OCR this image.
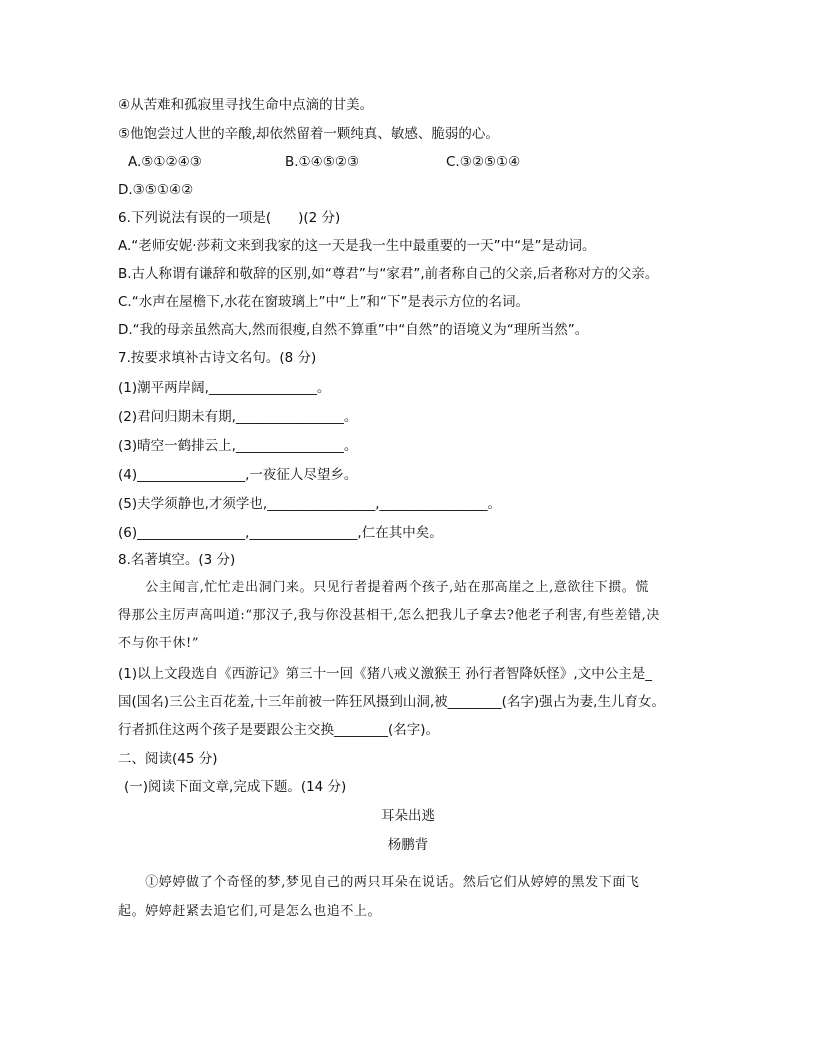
④从苦难和孤寂里寻找生命中点滴的甘美。
⑤他饱尝过人世的辛酸,却依然留着一颗纯真、敏感、脆弱的心。
A.⑤①②④③	B.①④⑤②③	C.③②⑤①④
D.③⑤①④②
6.下列说法有误的一项是(　　)(2 分)
A.“老师安妮·莎莉文来到我家的这一天是我一生中最重要的一天”中“是”是动词。
B.古人称谓有谦辞和敬辞的区别,如“尊君”与“家君”,前者称自己的父亲,后者称对方的父亲。
C.“水声在屋檐下,水花在窗玻璃上”中“上”和“下”是表示方位的名词。
D.“我的母亲虽然高大,然而很瘦,自然不算重”中“自然”的语境义为“理所当然”。
7.按要求填补古诗文名句。(8 分)
(1)潮平两岸阔,________________。
(2)君问归期未有期,________________。
(3)晴空一鹤排云上,________________。
(4)________________,一夜征人尽望乡。
(5)夫学须静也,才须学也,________________,________________。
(6)________________,________________,仁在其中矣。
8.名著填空。(3 分)
　　公主闻言,忙忙走出洞门来。只见行者提着两个孩子,站在那高崖之上,意欲往下掼。慌
得那公主厉声高叫道:“那汉子,我与你没甚相干,怎么把我儿子拿去?他老子利害,有些差错,决
不与你干休!”
(1)以上文段选自《西游记》第三十一回《猪八戒义激猴王 孙行者智降妖怪》,文中公主是_
国(国名)三公主百花羞,十三年前被一阵狂风摄到山洞,被________(名字)强占为妻,生儿育女。
行者抓住这两个孩子是要跟公主交换________(名字)。
二、阅读(45 分)
(一)阅读下面文章,完成下题。(14 分)
耳朵出逃
杨鹏背
　　①婷婷做了个奇怪的梦,梦见自己的两只耳朵在说话。然后它们从婷婷的黑发下面飞
起。婷婷赶紧去追它们,可是怎么也追不上。
